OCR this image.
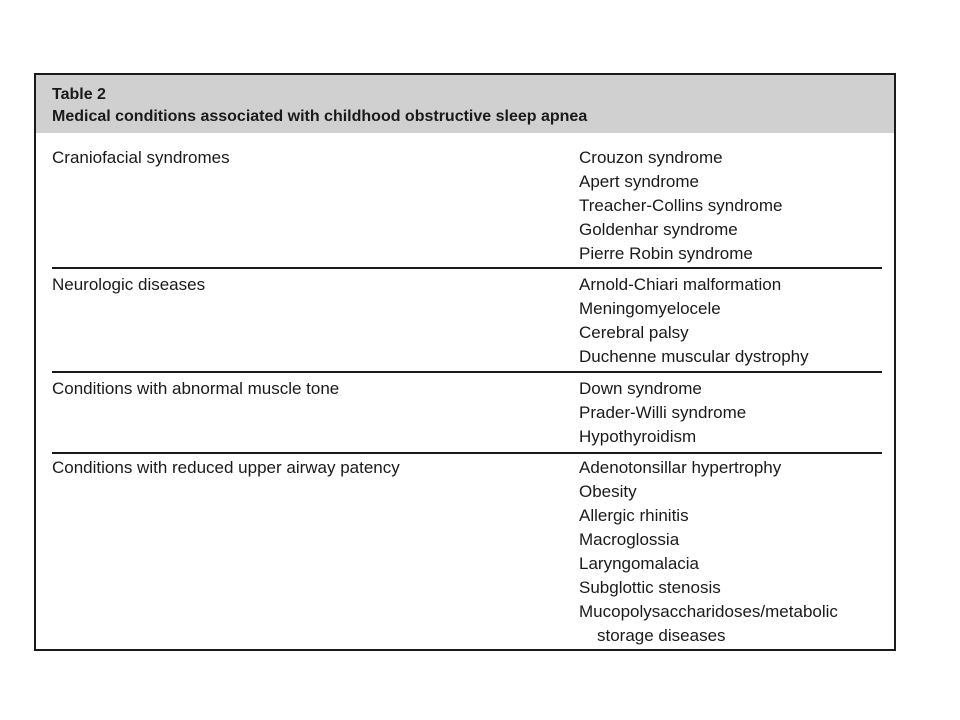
Table 2
Medical conditions associated with childhood obstructive sleep apnea
Craniofacial syndromes	Crouzon syndrome
Apert syndrome
Treacher-Collins syndrome
Goldenhar syndrome
Pierre Robin syndrome
Neurologic diseases	Arnold-Chiari malformation
Meningomyelocele
Cerebral palsy
Duchenne muscular dystrophy
Conditions with abnormal muscle tone	Down syndrome
Prader-Willi syndrome
Hypothyroidism
Conditions with reduced upper airway patency	Adenotonsillar hypertrophy
Obesity
Allergic rhinitis
Macroglossia
Laryngomalacia
Subglottic stenosis
Mucopolysaccharidoses/metabolic
storage diseases
